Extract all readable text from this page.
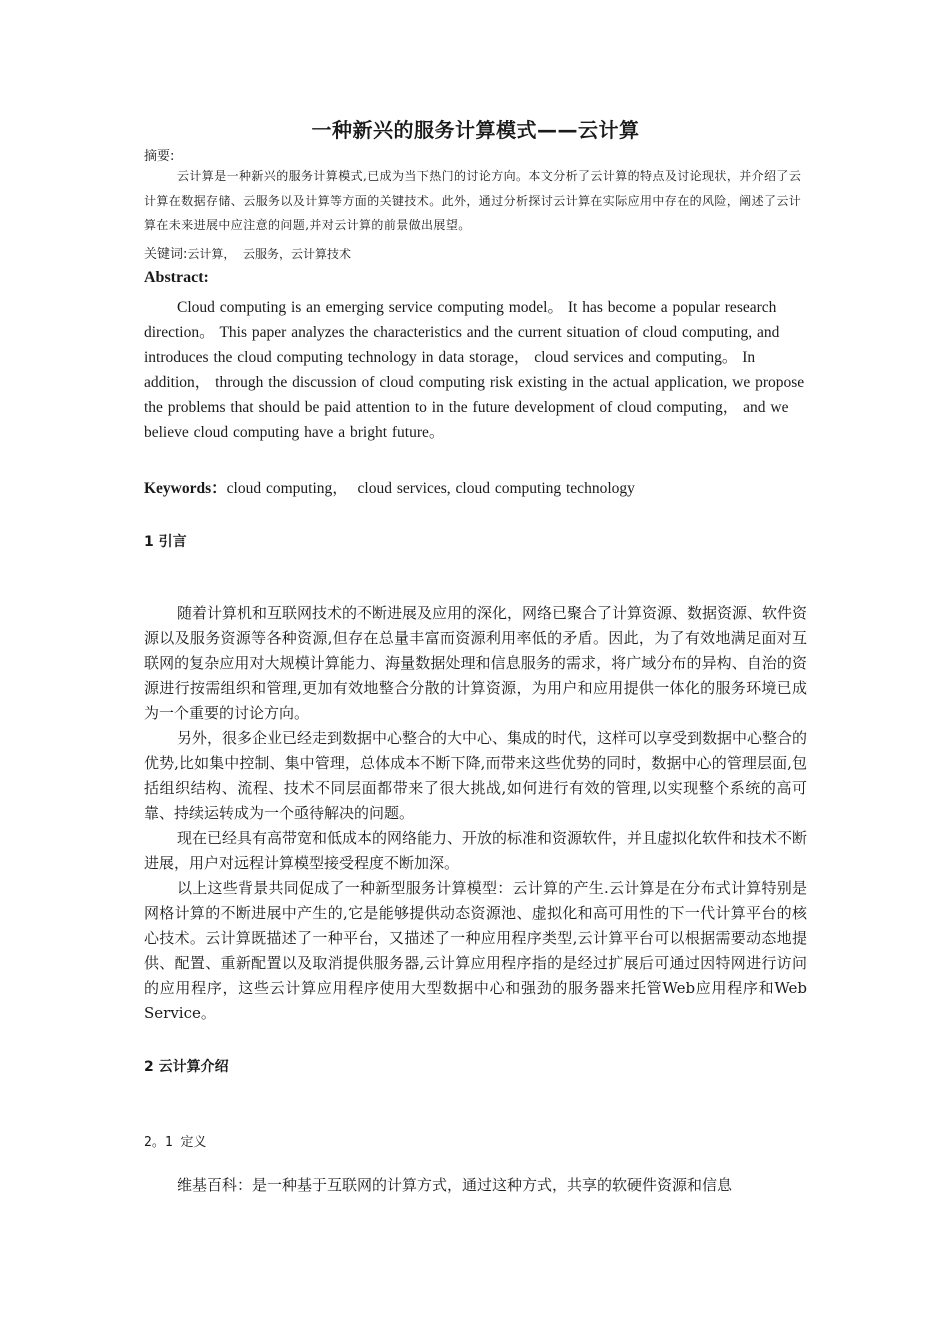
一种新兴的服务计算模式——云计算
摘要:
云计算是一种新兴的服务计算模式,已成为当下热门的讨论方向。本文分析了云计算的特点及讨论现状，并介绍了云计算在数据存储、云服务以及计算等方面的关键技术。此外，通过分析探讨云计算在实际应用中存在的风险，阐述了云计算在未来进展中应注意的问题,并对云计算的前景做出展望。
关键词:云计算，  云服务，云计算技术
Abstract:
Cloud computing is an emerging service computing model。 It has become a popular research direction。 This paper analyzes the characteristics and the current situation of cloud computing, and introduces the cloud computing technology in data storage， cloud services and computing。 In addition， through the discussion of cloud computing risk existing in the actual application, we propose the problems that should be paid attention to in the future development of cloud computing， and we believe cloud computing have a bright future。
Keywords：cloud computing，  cloud services, cloud computing technology
1 引言

随着计算机和互联网技术的不断进展及应用的深化，网络已聚合了计算资源、数据资源、软件资源以及服务资源等各种资源,但存在总量丰富而资源利用率低的矛盾。因此，为了有效地满足面对互联网的复杂应用对大规模计算能力、海量数据处理和信息服务的需求，将广域分布的异构、自治的资源进行按需组织和管理,更加有效地整合分散的计算资源，为用户和应用提供一体化的服务环境已成为一个重要的讨论方向。

另外，很多企业已经走到数据中心整合的大中心、集成的时代，这样可以享受到数据中心整合的优势,比如集中控制、集中管理，总体成本不断下降,而带来这些优势的同时，数据中心的管理层面,包括组织结构、流程、技术不同层面都带来了很大挑战,如何进行有效的管理,以实现整个系统的高可靠、持续运转成为一个亟待解决的问题。

现在已经具有高带宽和低成本的网络能力、开放的标准和资源软件，并且虚拟化软件和技术不断进展，用户对远程计算模型接受程度不断加深。

以上这些背景共同促成了一种新型服务计算模型：云计算的产生.云计算是在分布式计算特别是网格计算的不断进展中产生的,它是能够提供动态资源池、虚拟化和高可用性的下一代计算平台的核心技术。云计算既描述了一种平台，又描述了一种应用程序类型,云计算平台可以根据需要动态地提供、配置、重新配置以及取消提供服务器,云计算应用程序指的是经过扩展后可通过因特网进行访问的应用程序，这些云计算应用程序使用大型数据中心和强劲的服务器来托管Web应用程序和Web Service。

2 云计算介绍
2。1 定义

维基百科：是一种基于互联网的计算方式，通过这种方式，共享的软硬件资源和信息
